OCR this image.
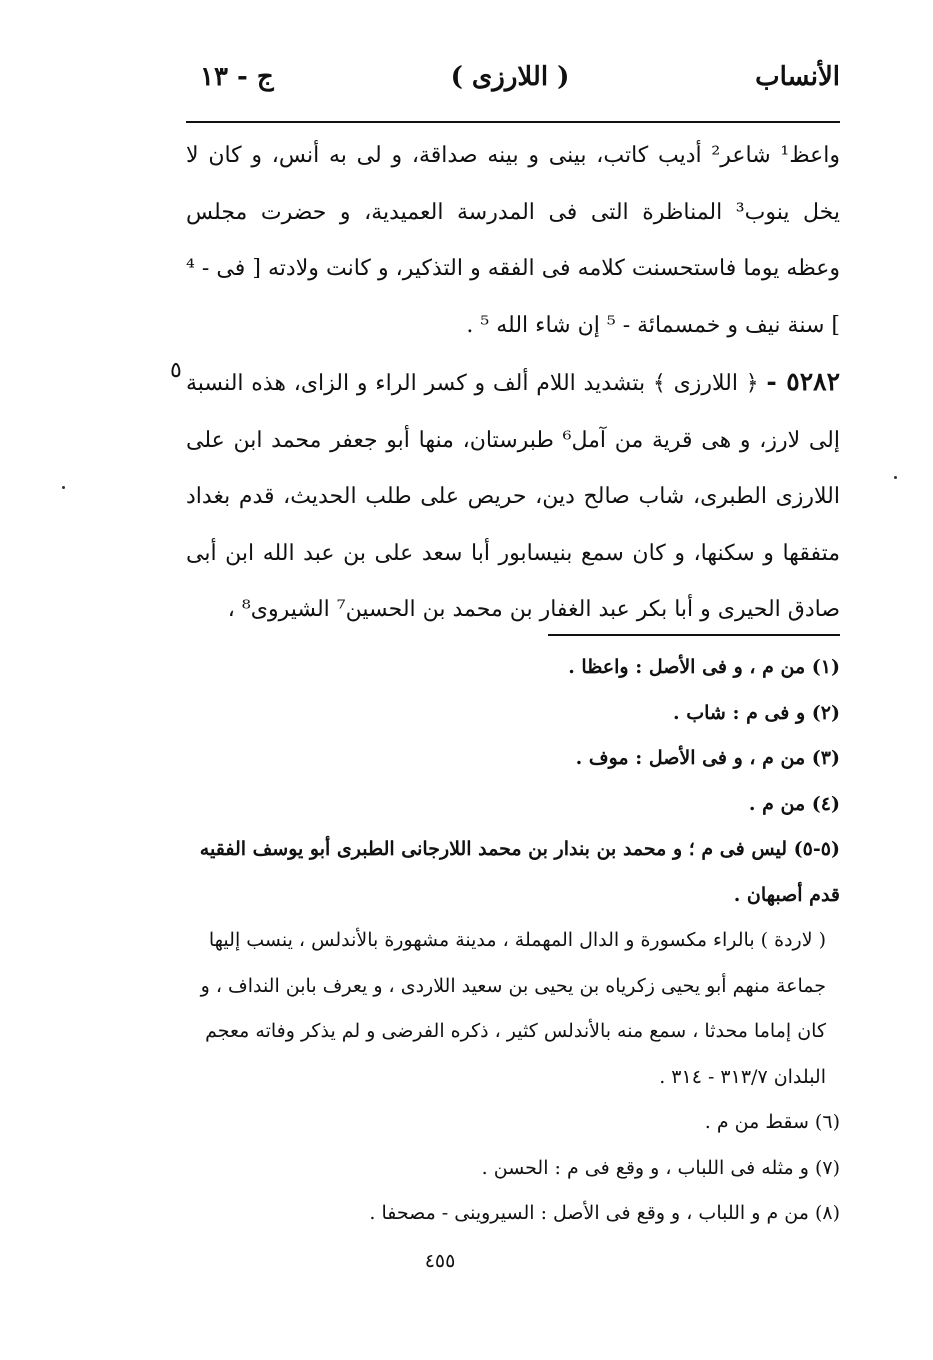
الأنساب
( اللارزى )
ج - ١٣

واعظ¹ شاعر² أديب كاتب، بينى و بينه صداقة، و لى به أنس، و كان لا يخل ينوب³ المناظرة التى فى المدرسة العميدية، و حضرت مجلس وعظه يوما فاستحسنت كلامه فى الفقه و التذكير، و كانت ولادته [ فى - ⁴ ] سنة نيف و خمسمائة - ⁵ إن شاء الله ⁵ .

٥٢٨٢ - ﴿ اللارزى ﴾ بتشديد اللام ألف و كسر الراء و الزاى، هذه النسبة إلى لارز، و هى قرية من آمل⁶ طبرستان، منها أبو جعفر محمد ابن على اللارزى الطبرى، شاب صالح دين، حريص على طلب الحديث، قدم بغداد متفقها و سكنها، و كان سمع بنيسابور أبا سعد على بن عبد الله ابن أبى صادق الحيرى و أبا بكر عبد الغفار بن محمد بن الحسين⁷ الشيروى⁸ ،

٥

(١) من م ، و فى الأصل : واعظا .

(٢) و فى م : شاب .

(٣) من م ، و فى الأصل : موف .

(٤) من م .

(٥-٥) ليس فى م ؛ و محمد بن بندار بن محمد اللارجانى الطبرى أبو يوسف الفقيه قدم أصبهان .

( لاردة ) بالراء مكسورة و الدال المهملة ، مدينة مشهورة بالأندلس ، ينسب إليها جماعة منهم أبو يحيى زكرياه بن يحيى بن سعيد اللاردى ، و يعرف بابن النداف ، و كان إماما محدثا ، سمع منه بالأندلس كثير ، ذكره الفرضى و لم يذكر وفاته معجم البلدان ٣١٣/٧ - ٣١٤ .

(٦) سقط من م .

(٧) و مثله فى اللباب ، و وقع فى م : الحسن .

(٨) من م و اللباب ، و وقع فى الأصل : السيروينى - مصحفا .

٤٥٥
